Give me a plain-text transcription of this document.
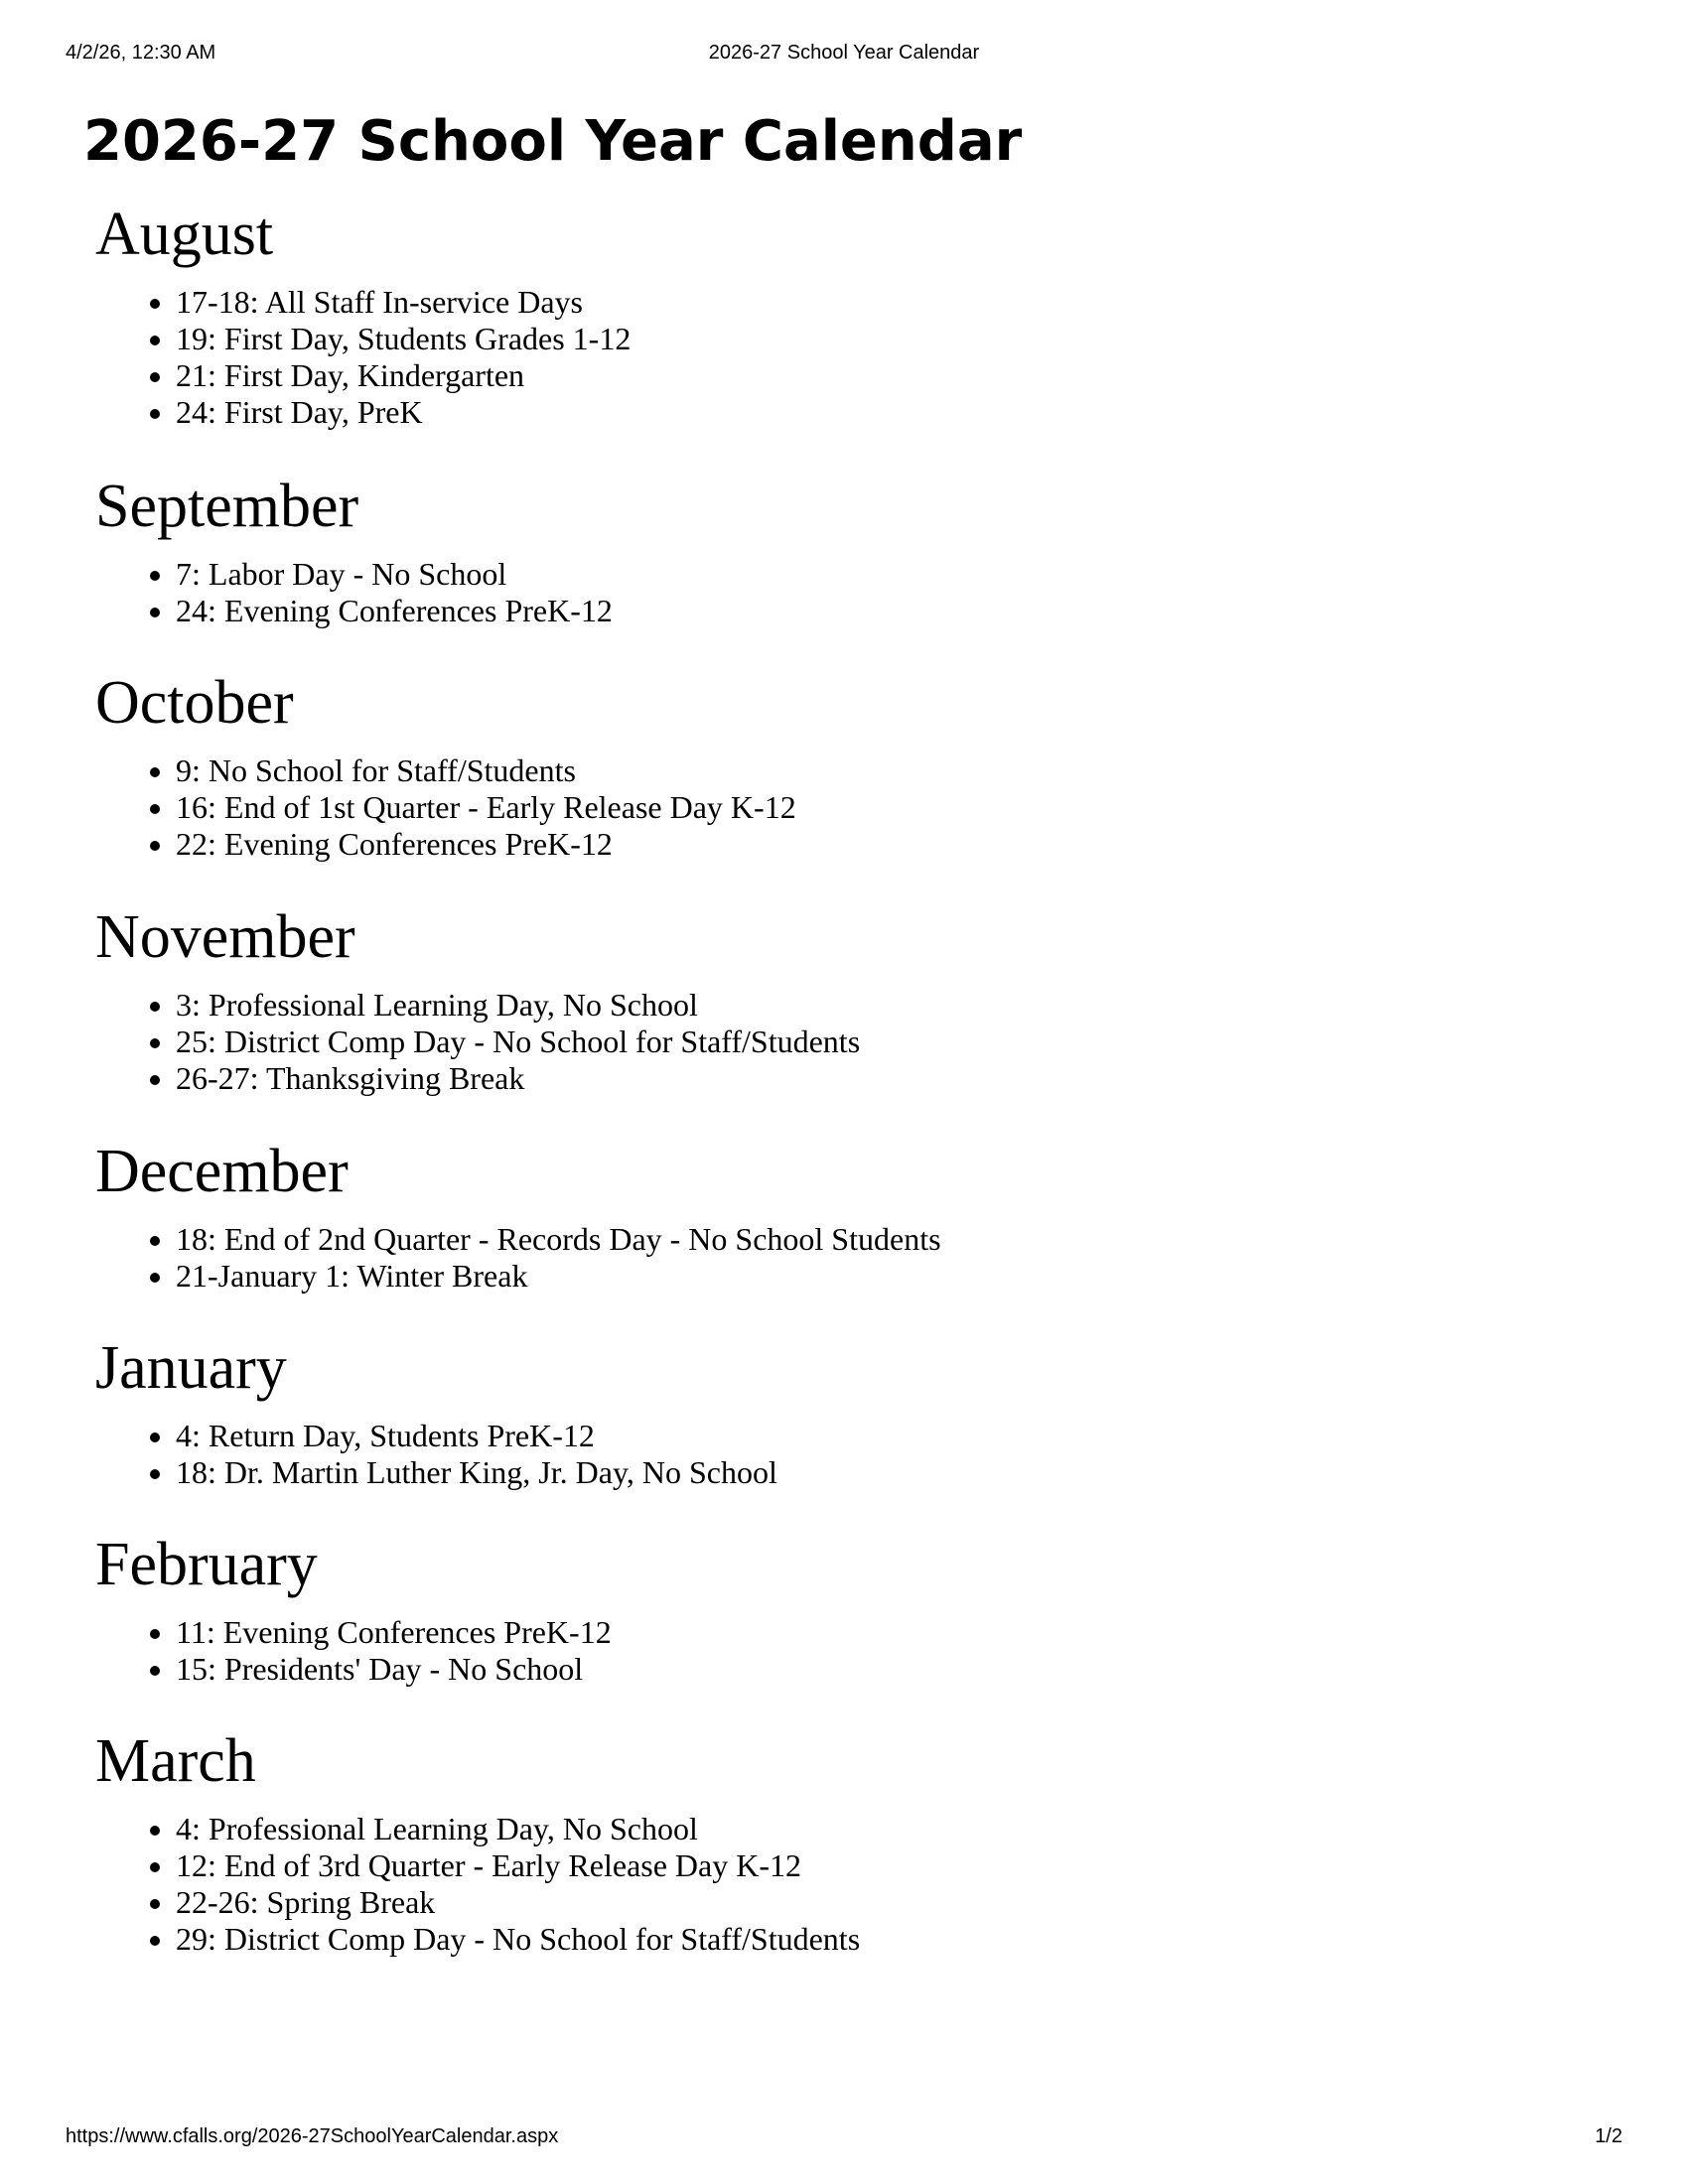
4/2/26, 12:30 AM	2026-27 School Year Calendar
2026-27 School Year Calendar
August
• 17-18: All Staff In-service Days
• 19: First Day, Students Grades 1-12
• 21: First Day, Kindergarten
• 24: First Day, PreK
September
• 7: Labor Day - No School
• 24: Evening Conferences PreK-12
October
• 9: No School for Staff/Students
• 16: End of 1st Quarter - Early Release Day K-12
• 22: Evening Conferences PreK-12
November
• 3: Professional Learning Day, No School
• 25: District Comp Day - No School for Staff/Students
• 26-27: Thanksgiving Break
December
• 18: End of 2nd Quarter - Records Day - No School Students
• 21-January 1: Winter Break
January
• 4: Return Day, Students PreK-12
• 18: Dr. Martin Luther King, Jr. Day, No School
February
• 11: Evening Conferences PreK-12
• 15: Presidents' Day - No School
March
• 4: Professional Learning Day, No School
• 12: End of 3rd Quarter - Early Release Day K-12
• 22-26: Spring Break
• 29: District Comp Day - No School for Staff/Students
https://www.cfalls.org/2026-27SchoolYearCalendar.aspx	1/2
